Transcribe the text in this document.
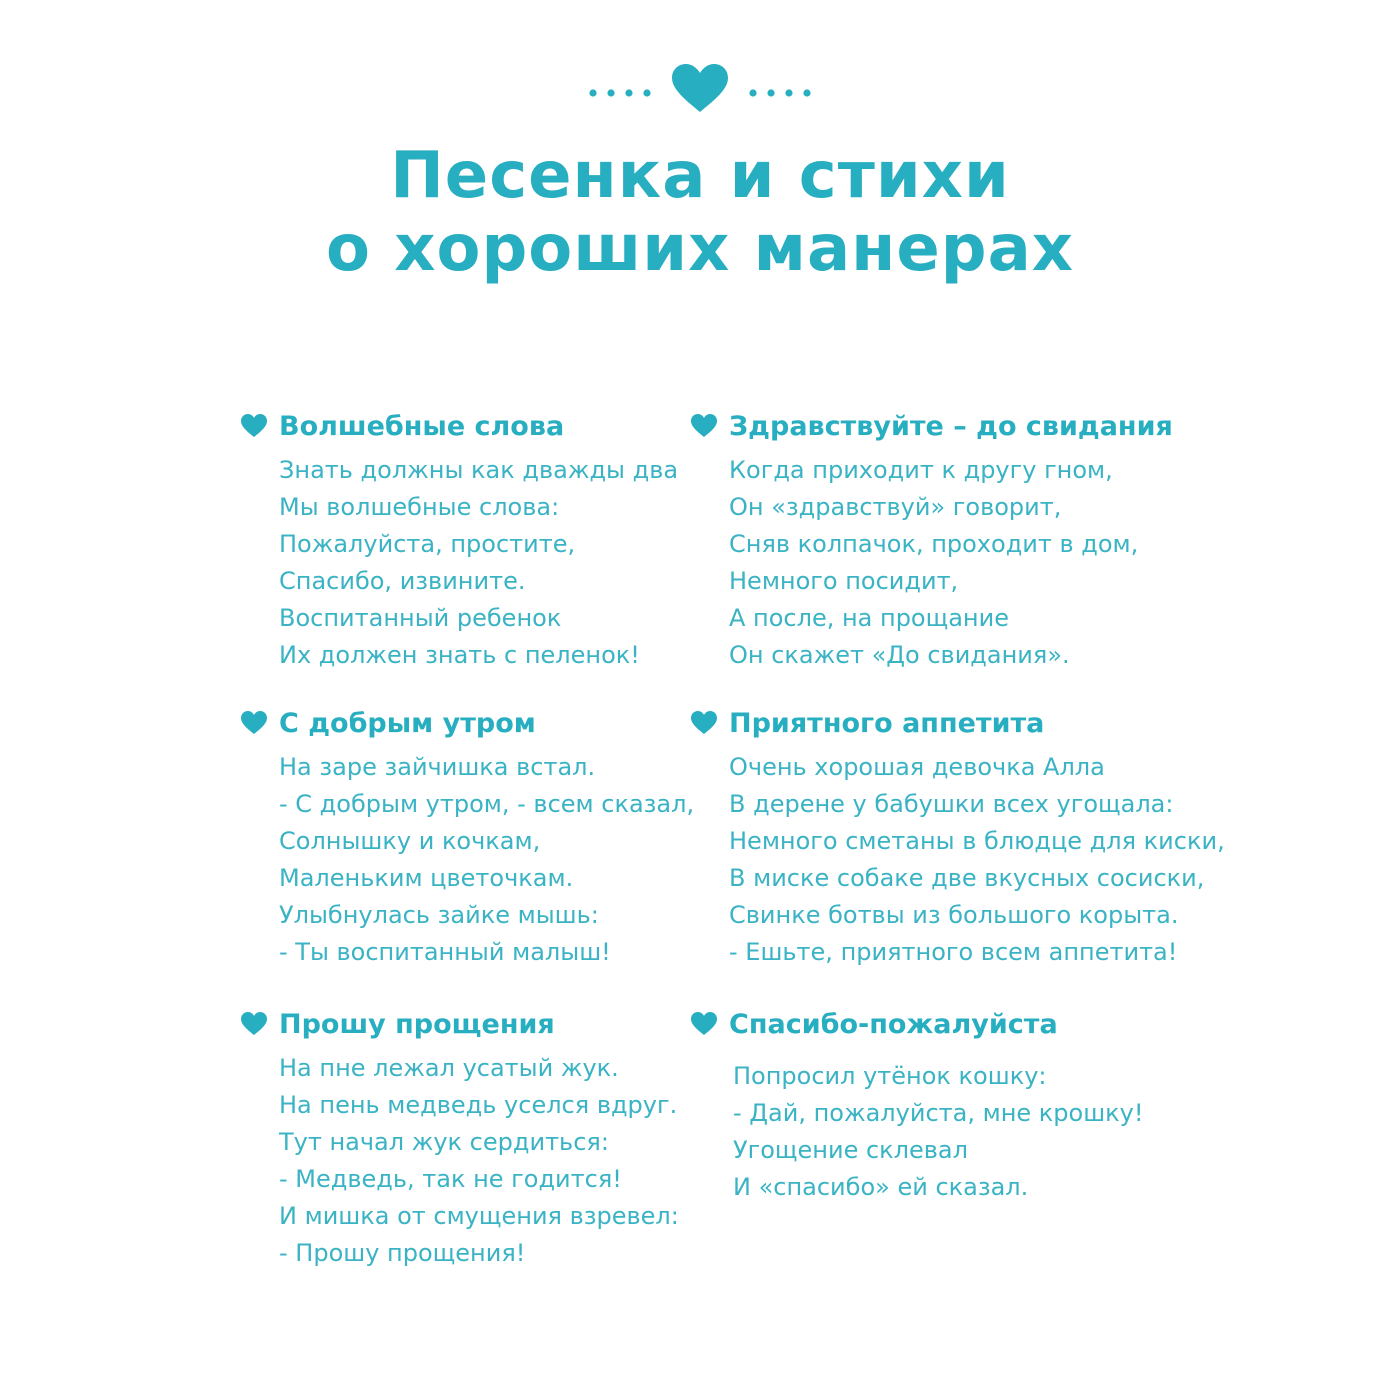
Песенка и стихи
о хороших манерах
Волшебные слова
Знать должны как дважды два
Мы волшебные слова:
Пожалуйста, простите,
Спасибо, извините.
Воспитанный ребенок
Их должен знать с пеленок!
Здравствуйте – до свидания
Когда приходит к другу гном,
Он «здравствуй» говорит,
Сняв колпачок, проходит в дом,
Немного посидит,
А после, на прощание
Он скажет «До свидания».
С добрым утром
На заре зайчишка встал.
- С добрым утром, - всем сказал,
Солнышку и кочкам,
Маленьким цветочкам.
Улыбнулась зайке мышь:
- Ты воспитанный малыш!
Приятного аппетита
Очень хорошая девочка Алла
В дерене у бабушки всех угощала:
Немного сметаны в блюдце для киски,
В миске собаке две вкусных сосиски,
Свинке ботвы из большого корыта.
- Ешьте, приятного всем аппетита!
Прошу прощения
На пне лежал усатый жук.
На пень медведь уселся вдруг.
Тут начал жук сердиться:
- Медведь, так не годится!
И мишка от смущения взревел:
- Прошу прощения!
Спасибо-пожалуйста
Попросил утёнок кошку:
- Дай, пожалуйста, мне крошку!
Угощение склевал
И «спасибо» ей сказал.
